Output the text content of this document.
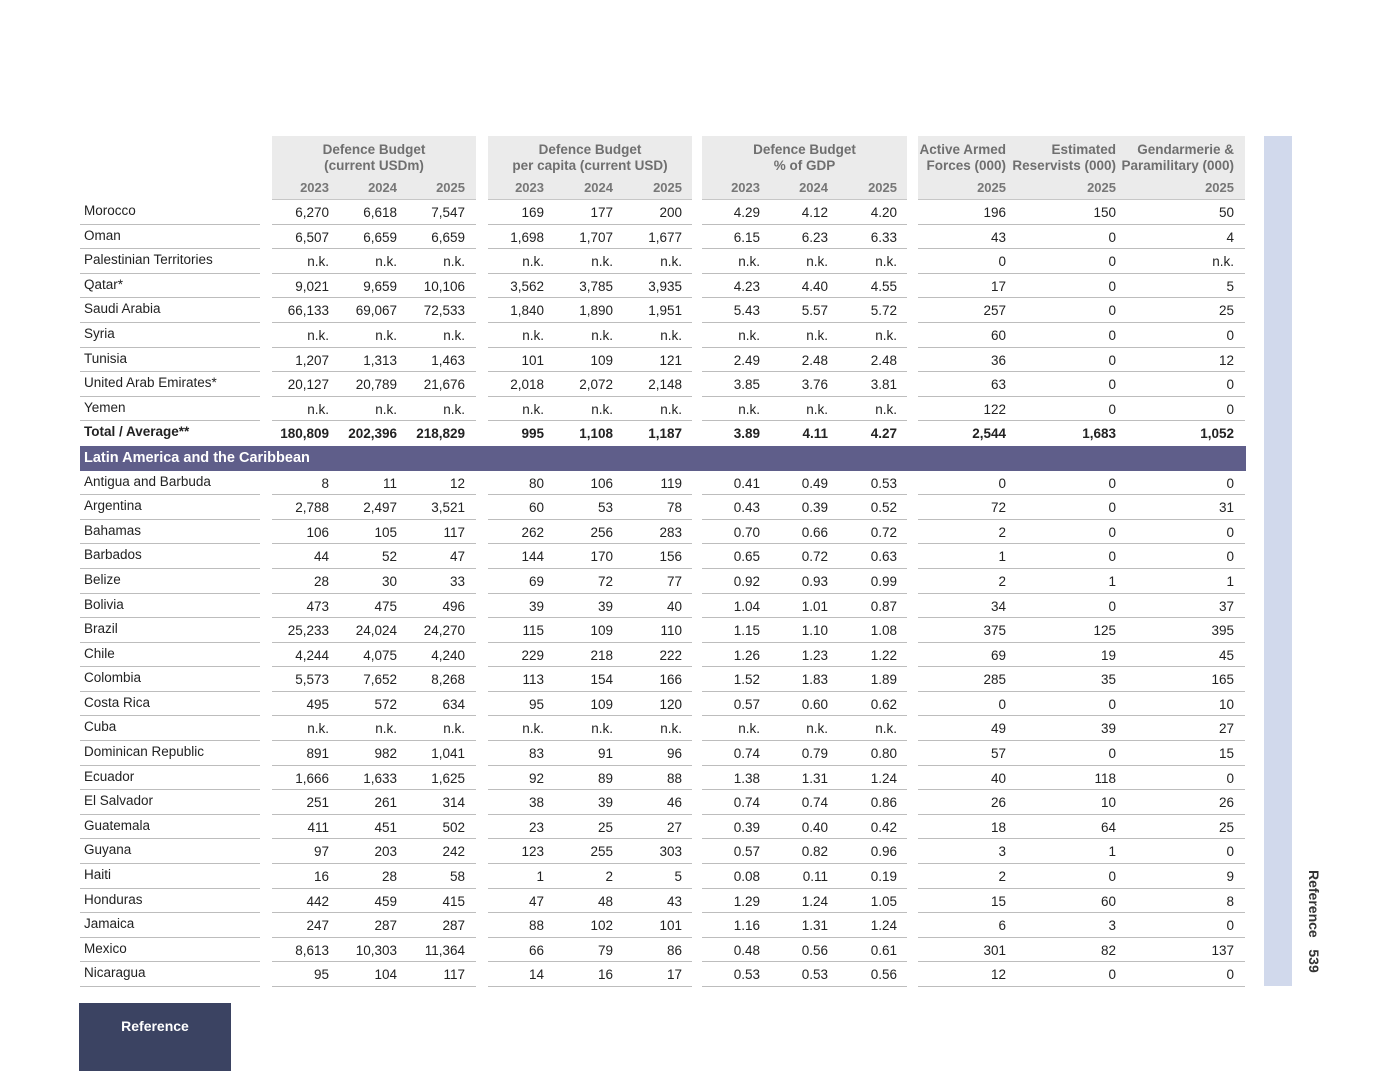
Defence Budget
(current USDm)
2023	2024	2025
Defence Budget
per capita (current USD)
2023	2024	2025
Defence Budget
% of GDP
2023	2024	2025
Active Armed
Forces (000)
2025
Estimated
Reservists (000)
2025
Gendarmerie &
Paramilitary (000)
2025
Morocco	6,270	6,618	7,547	169	177	200	4.29	4.12	4.20	196	150	50
Oman	6,507	6,659	6,659	1,698	1,707	1,677	6.15	6.23	6.33	43	0	4
Palestinian Territories	n.k.	n.k.	n.k.	n.k.	n.k.	n.k.	n.k.	n.k.	n.k.	0	0	n.k.
Qatar*	9,021	9,659	10,106	3,562	3,785	3,935	4.23	4.40	4.55	17	0	5
Saudi Arabia	66,133	69,067	72,533	1,840	1,890	1,951	5.43	5.57	5.72	257	0	25
Syria	n.k.	n.k.	n.k.	n.k.	n.k.	n.k.	n.k.	n.k.	n.k.	60	0	0
Tunisia	1,207	1,313	1,463	101	109	121	2.49	2.48	2.48	36	0	12
United Arab Emirates*	20,127	20,789	21,676	2,018	2,072	2,148	3.85	3.76	3.81	63	0	0
Yemen	n.k.	n.k.	n.k.	n.k.	n.k.	n.k.	n.k.	n.k.	n.k.	122	0	0
Total / Average**	180,809	202,396	218,829	995	1,108	1,187	3.89	4.11	4.27	2,544	1,683	1,052
Latin America and the Caribbean
Antigua and Barbuda	8	11	12	80	106	119	0.41	0.49	0.53	0	0	0
Argentina	2,788	2,497	3,521	60	53	78	0.43	0.39	0.52	72	0	31
Bahamas	106	105	117	262	256	283	0.70	0.66	0.72	2	0	0
Barbados	44	52	47	144	170	156	0.65	0.72	0.63	1	0	0
Belize	28	30	33	69	72	77	0.92	0.93	0.99	2	1	1
Bolivia	473	475	496	39	39	40	1.04	1.01	0.87	34	0	37
Brazil	25,233	24,024	24,270	115	109	110	1.15	1.10	1.08	375	125	395
Chile	4,244	4,075	4,240	229	218	222	1.26	1.23	1.22	69	19	45
Colombia	5,573	7,652	8,268	113	154	166	1.52	1.83	1.89	285	35	165
Costa Rica	495	572	634	95	109	120	0.57	0.60	0.62	0	0	10
Cuba	n.k.	n.k.	n.k.	n.k.	n.k.	n.k.	n.k.	n.k.	n.k.	49	39	27
Dominican Republic	891	982	1,041	83	91	96	0.74	0.79	0.80	57	0	15
Ecuador	1,666	1,633	1,625	92	89	88	1.38	1.31	1.24	40	118	0
El Salvador	251	261	314	38	39	46	0.74	0.74	0.86	26	10	26
Guatemala	411	451	502	23	25	27	0.39	0.40	0.42	18	64	25
Guyana	97	203	242	123	255	303	0.57	0.82	0.96	3	1	0
Haiti	16	28	58	1	2	5	0.08	0.11	0.19	2	0	9
Honduras	442	459	415	47	48	43	1.29	1.24	1.05	15	60	8
Jamaica	247	287	287	88	102	101	1.16	1.31	1.24	6	3	0
Mexico	8,613	10,303	11,364	66	79	86	0.48	0.56	0.61	301	82	137
Nicaragua	95	104	117	14	16	17	0.53	0.53	0.56	12	0	0
Reference   539
Reference
